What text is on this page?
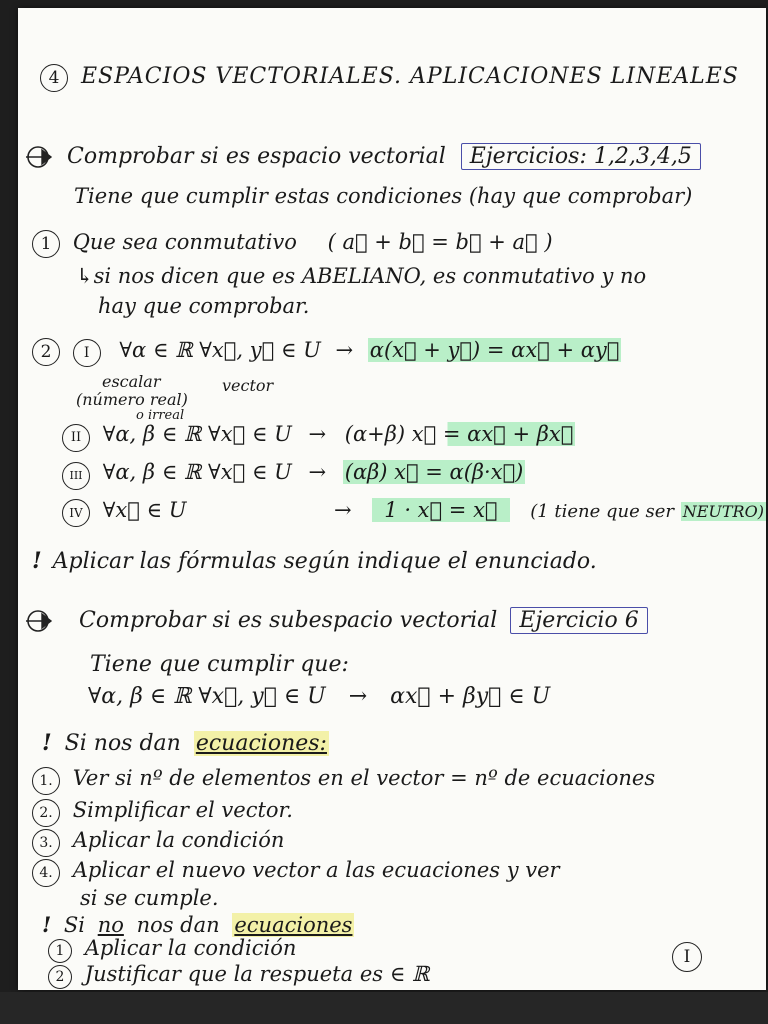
4 ESPACIOS VECTORIALES. APLICACIONES LINEALES
Comprobar si es espacio vectorial Ejercicios: 1,2,3,4,5
Tiene que cumplir estas condiciones (hay que comprobar)
1 Que sea conmutativo ( a⃗ + b⃗ = b⃗ + a⃗ )
↳si nos dicen que es ABELIANO, es conmutativo y no
hay que comprobar.
2 I ∀α ∈ ℝ ∀x⃗, y⃗ ∈ U → α(x⃗ + y⃗) = αx⃗ + αy⃗
escalar	vector
(número real)
o irreal
II ∀α, β ∈ ℝ ∀x⃗ ∈ U → (α+β) x⃗ = αx⃗ + βx⃗
III ∀α, β ∈ ℝ ∀x⃗ ∈ U → (αβ) x⃗ = α(β·x⃗)
IV ∀x⃗ ∈ U	→ 1 · x⃗ = x⃗ (1 tiene que ser NEUTRO)
! Aplicar las fórmulas según indique el enunciado.
Comprobar si es subespacio vectorial Ejercicio 6
Tiene que cumplir que:
∀α, β ∈ ℝ ∀x⃗, y⃗ ∈ U → αx⃗ + βy⃗ ∈ U
! Si nos dan ecuaciones:
1. Ver si nº de elementos en el vector = nº de ecuaciones
2. Simplificar el vector.
3. Aplicar la condición
4. Aplicar el nuevo vector a las ecuaciones y ver
si se cumple.
! Si no nos dan ecuaciones
1 Aplicar la condición
2 Justificar que la respueta es ∈ ℝ
I
